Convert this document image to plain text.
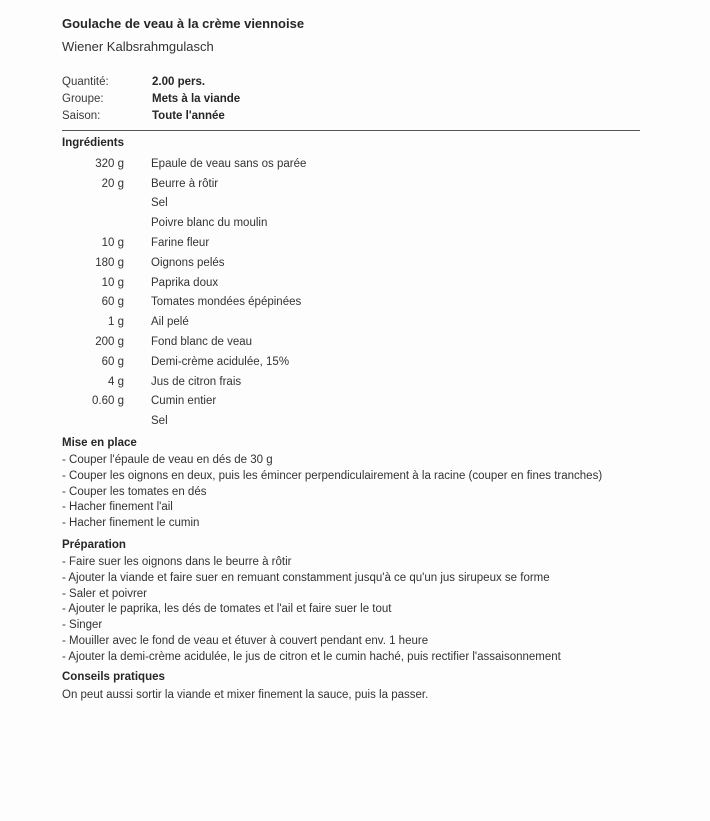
Goulache de veau à la crème viennoise
Wiener Kalbsrahmgulasch
Quantité:	2.00 pers.
Groupe:	Mets à la viande
Saison:	Toute l'année
Ingrédients
320 g Epaule de veau sans os parée
20 g Beurre à rôtir
Sel
Poivre blanc du moulin
10 g Farine fleur
180 g Oignons pelés
10 g Paprika doux
60 g Tomates mondées épépinées
1 g Ail pelé
200 g Fond blanc de veau
60 g Demi-crème acidulée, 15%
4 g Jus de citron frais
0.60 g Cumin entier
Sel
Mise en place
- Couper l'épaule de veau en dés de 30 g
- Couper les oignons en deux, puis les émincer perpendiculairement à la racine (couper en fines tranches)
- Couper les tomates en dés
- Hacher finement l'ail
- Hacher finement le cumin
Préparation
- Faire suer les oignons dans le beurre à rôtir
- Ajouter la viande et faire suer en remuant constamment jusqu'à ce qu'un jus sirupeux se forme
- Saler et poivrer
- Ajouter le paprika, les dés de tomates et l'ail et faire suer le tout
- Singer
- Mouiller avec le fond de veau et étuver à couvert pendant env. 1 heure
- Ajouter la demi-crème acidulée, le jus de citron et le cumin haché, puis rectifier l'assaisonnement
Conseils pratiques
On peut aussi sortir la viande et mixer finement la sauce, puis la passer.
